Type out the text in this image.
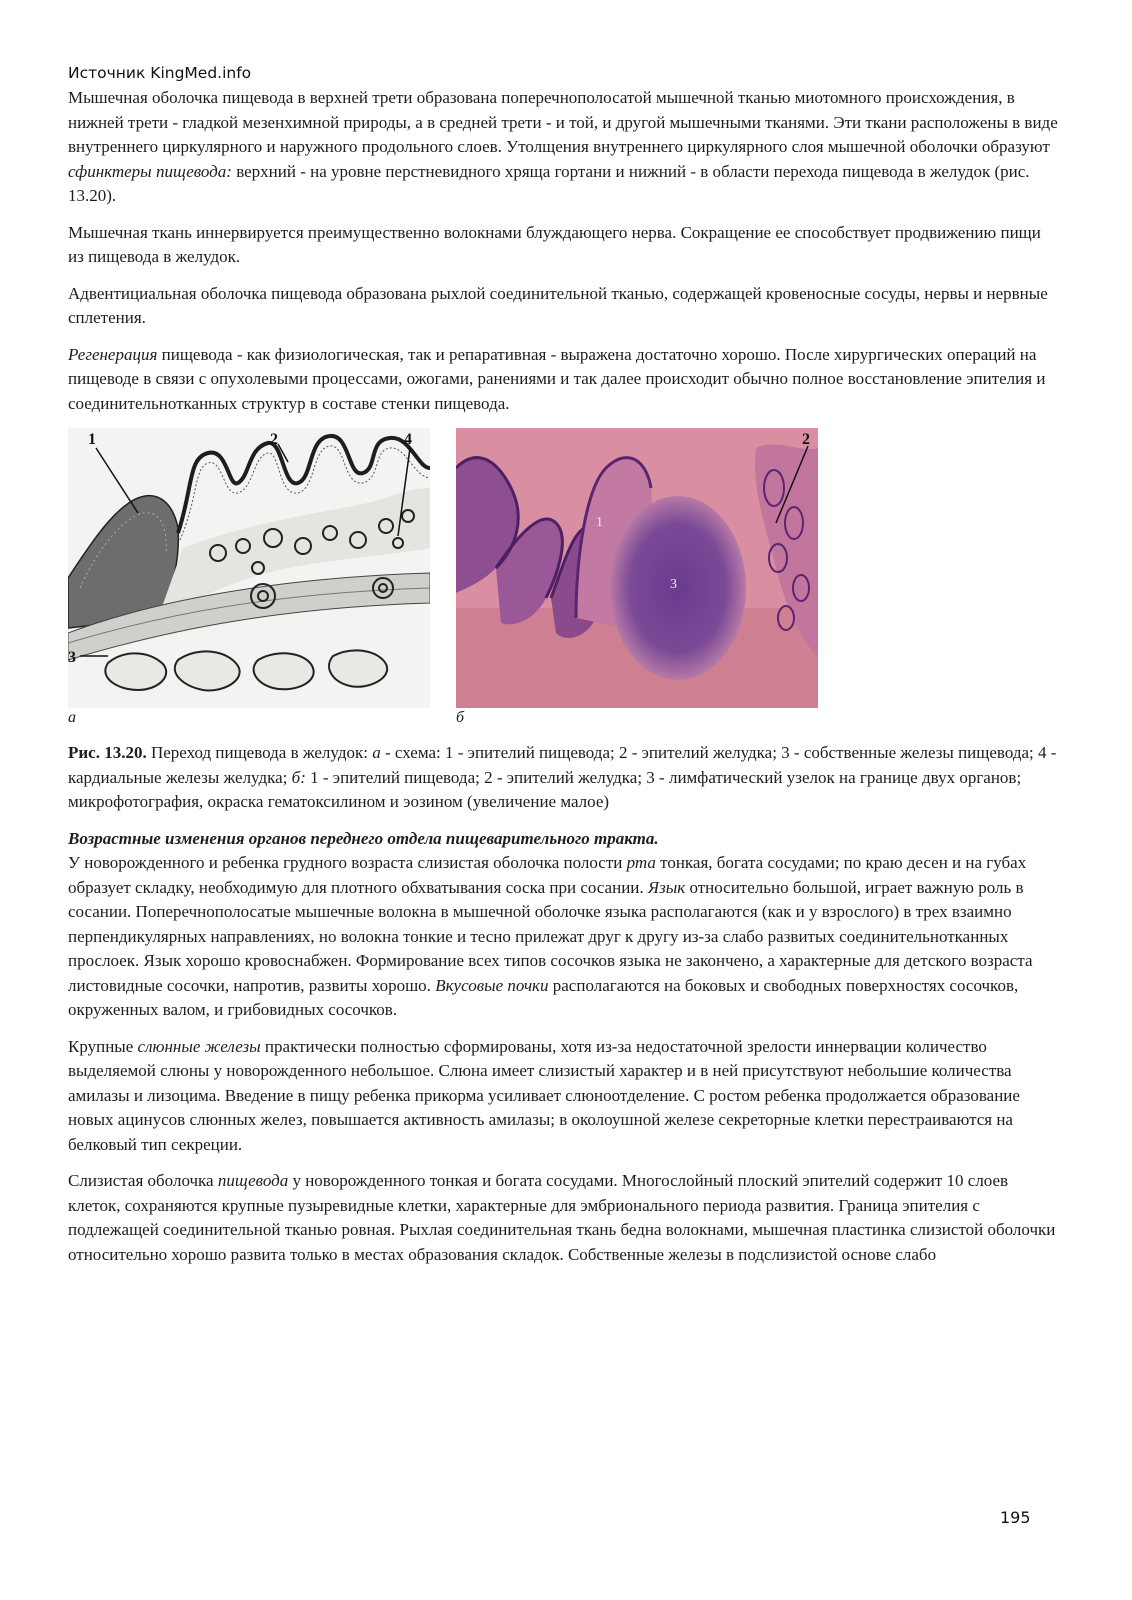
Источник KingMed.info

Мышечная оболочка пищевода в верхней трети образована поперечнополосатой мышечной тканью миотомного происхождения, в нижней трети - гладкой мезенхимной природы, а в средней трети - и той, и другой мышечными тканями. Эти ткани расположены в виде внутреннего циркулярного и наружного продольного слоев. Утолщения внутреннего циркулярного слоя мышечной оболочки образуют сфинктеры пищевода: верхний - на уровне перстневидного хряща гортани и нижний - в области перехода пищевода в желудок (рис. 13.20).

Мышечная ткань иннервируется преимущественно волокнами блуждающего нерва. Сокращение ее способствует продвижению пищи из пищевода в желудок.

Адвентициальная оболочка пищевода образована рыхлой соединительной тканью, содержащей кровеносные сосуды, нервы и нервные сплетения.

Регенерация пищевода - как физиологическая, так и репаративная - выражена достаточно хорошо. После хирургических операций на пищеводе в связи с опухолевыми процессами, ожогами, ранениями и так далее происходит обычно полное восстановление эпителия и соединительнотканных структур в составе стенки пищевода.

1	2	4
3
а
1
2
3
б

Рис. 13.20. Переход пищевода в желудок: а - схема: 1 - эпителий пищевода; 2 - эпителий желудка; 3 - собственные железы пищевода; 4 - кардиальные железы желудка; б: 1 - эпителий пищевода; 2 - эпителий желудка; 3 - лимфатический узелок на границе двух органов; микрофотография, окраска гематоксилином и эозином (увеличение малое)

Возрастные изменения органов переднего отдела пищеварительного тракта.
У новорожденного и ребенка грудного возраста слизистая оболочка полости рта тонкая, богата сосудами; по краю десен и на губах образует складку, необходимую для плотного обхватывания соска при сосании. Язык относительно большой, играет важную роль в сосании. Поперечнополосатые мышечные волокна в мышечной оболочке языка располагаются (как и у взрослого) в трех взаимно перпендикулярных направлениях, но волокна тонкие и тесно прилежат друг к другу из-за слабо развитых соединительнотканных прослоек. Язык хорошо кровоснабжен. Формирование всех типов сосочков языка не закончено, а характерные для детского возраста листовидные сосочки, напротив, развиты хорошо. Вкусовые почки располагаются на боковых и свободных поверхностях сосочков, окруженных валом, и грибовидных сосочков.

Крупные слюнные железы практически полностью сформированы, хотя из-за недостаточной зрелости иннервации количество выделяемой слюны у новорожденного небольшое. Слюна имеет слизистый характер и в ней присутствуют небольшие количества амилазы и лизоцима. Введение в пищу ребенка прикорма усиливает слюноотделение. С ростом ребенка продолжается образование новых ацинусов слюнных желез, повышается активность амилазы; в околоушной железе секреторные клетки перестраиваются на белковый тип секреции.

Слизистая оболочка пищевода у новорожденного тонкая и богата сосудами. Многослойный плоский эпителий содержит 10 слоев клеток, сохраняются крупные пузыревидные клетки, характерные для эмбрионального периода развития. Граница эпителия с подлежащей соединительной тканью ровная. Рыхлая соединительная ткань бедна волокнами, мышечная пластинка слизистой оболочки относительно хорошо развита только в местах образования складок. Собственные железы в подслизистой основе слабо

195
